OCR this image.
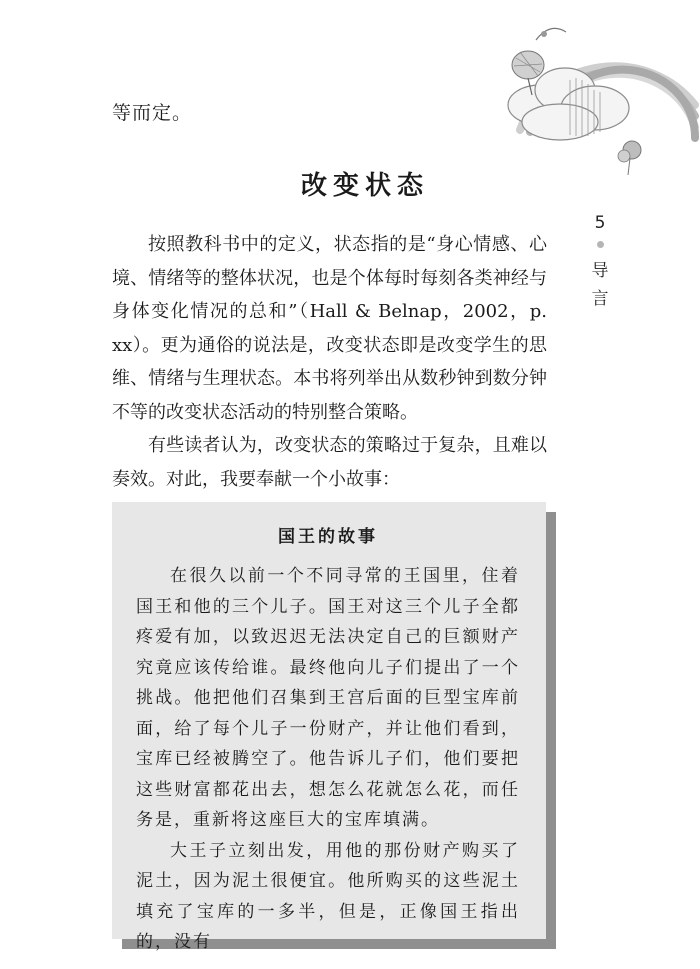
等而定。
改变状态

按照教科书中的定义，状态指的是“身心情感、心境、情绪等的整体状况，也是个体每时每刻各类神经与身体变化情况的总和”（Hall & Belnap，2002，p. xx）。更为通俗的说法是，改变状态即是改变学生的思维、情绪与生理状态。本书将列举出从数秒钟到数分钟不等的改变状态活动的特别整合策略。

有些读者认为，改变状态的策略过于复杂，且难以奏效。对此，我要奉献一个小故事：

5
导
言
国王的故事

在很久以前一个不同寻常的王国里，住着国王和他的三个儿子。国王对这三个儿子全都疼爱有加，以致迟迟无法决定自己的巨额财产究竟应该传给谁。最终他向儿子们提出了一个挑战。他把他们召集到王宫后面的巨型宝库前面，给了每个儿子一份财产，并让他们看到，宝库已经被腾空了。他告诉儿子们，他们要把这些财富都花出去，想怎么花就怎么花，而任务是，重新将这座巨大的宝库填满。

大王子立刻出发，用他的那份财产购买了泥土，因为泥土很便宜。他所购买的这些泥土填充了宝库的一多半，但是，正像国王指出的，没有
